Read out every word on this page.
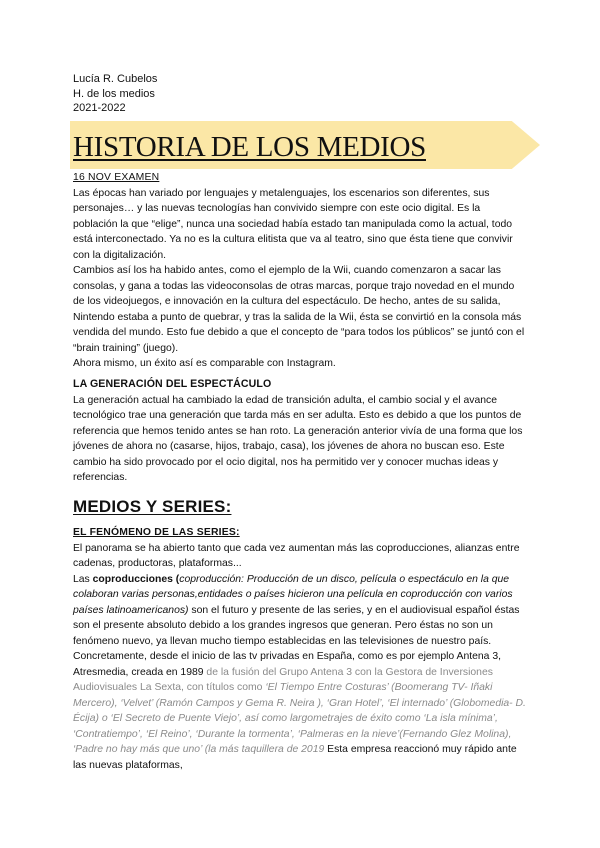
Lucía R. Cubelos
H. de los medios
2021-2022
HISTORIA DE LOS MEDIOS

16 NOV EXAMEN

Las épocas han variado por lenguajes y metalenguajes, los escenarios son diferentes, sus personajes… y las nuevas tecnologías han convivido siempre con este ocio digital. Es la población la que “elige”, nunca una sociedad había estado tan manipulada como la actual, todo está interconectado. Ya no es la cultura elitista que va al teatro, sino que ésta tiene que convivir con la digitalización.

Cambios así los ha habido antes, como el ejemplo de la Wii, cuando comenzaron a sacar las consolas, y gana a todas las videoconsolas de otras marcas, porque trajo novedad en el mundo de los videojuegos, e innovación en la cultura del espectáculo. De hecho, antes de su salida, Nintendo estaba a punto de quebrar, y tras la salida de la Wii, ésta se convirtió en la consola más vendida del mundo. Esto fue debido a que el concepto de “para todos los públicos” se juntó con el “brain training” (juego).

Ahora mismo, un éxito así es comparable con Instagram.

LA GENERACIÓN DEL ESPECTÁCULO

La generación actual ha cambiado la edad de transición adulta, el cambio social y el avance tecnológico trae una generación que tarda más en ser adulta. Esto es debido a que los puntos de referencia que hemos tenido antes se han roto. La generación anterior vivía de una forma que los jóvenes de ahora no (casarse, hijos, trabajo, casa), los jóvenes de ahora no buscan eso. Este cambio ha sido provocado por el ocio digital, nos ha permitido ver y conocer muchas ideas y referencias.

MEDIOS Y SERIES:

EL FENÓMENO DE LAS SERIES:

El panorama se ha abierto tanto que cada vez aumentan más las coproducciones, alianzas entre cadenas, productoras, plataformas...

Las coproducciones (coproducción: Producción de un disco, película o espectáculo en la que colaboran varias personas,entidades o países hicieron una película en coproducción con varios países latinoamericanos) son el futuro y presente de las series, y en el audiovisual español éstas son el presente absoluto debido a los grandes ingresos que generan. Pero éstas no son un fenómeno nuevo, ya llevan mucho tiempo establecidas en las televisiones de nuestro país. Concretamente, desde el inicio de las tv privadas en España, como es por ejemplo Antena 3, Atresmedia, creada en 1989 de la fusión del Grupo Antena 3 con la Gestora de Inversiones Audiovisuales La Sexta, con títulos como ‘El Tiempo Entre Costuras’ (Boomerang TV- Iñaki Mercero), ‘Velvet’ (Ramón Campos y Gema R. Neira ), ‘Gran Hotel’, ‘El internado’ (Globomedia- D. Écija) o ‘El Secreto de Puente Viejo’, así como largometrajes de éxito como ‘La isla mínima’, ‘Contratiempo’, ‘El Reino’, ‘Durante la tormenta’, ‘Palmeras en la nieve’(Fernando Glez Molina), ‘Padre no hay más que uno’ (la más taquillera de 2019 Esta empresa reaccionó muy rápido ante las nuevas plataformas,
